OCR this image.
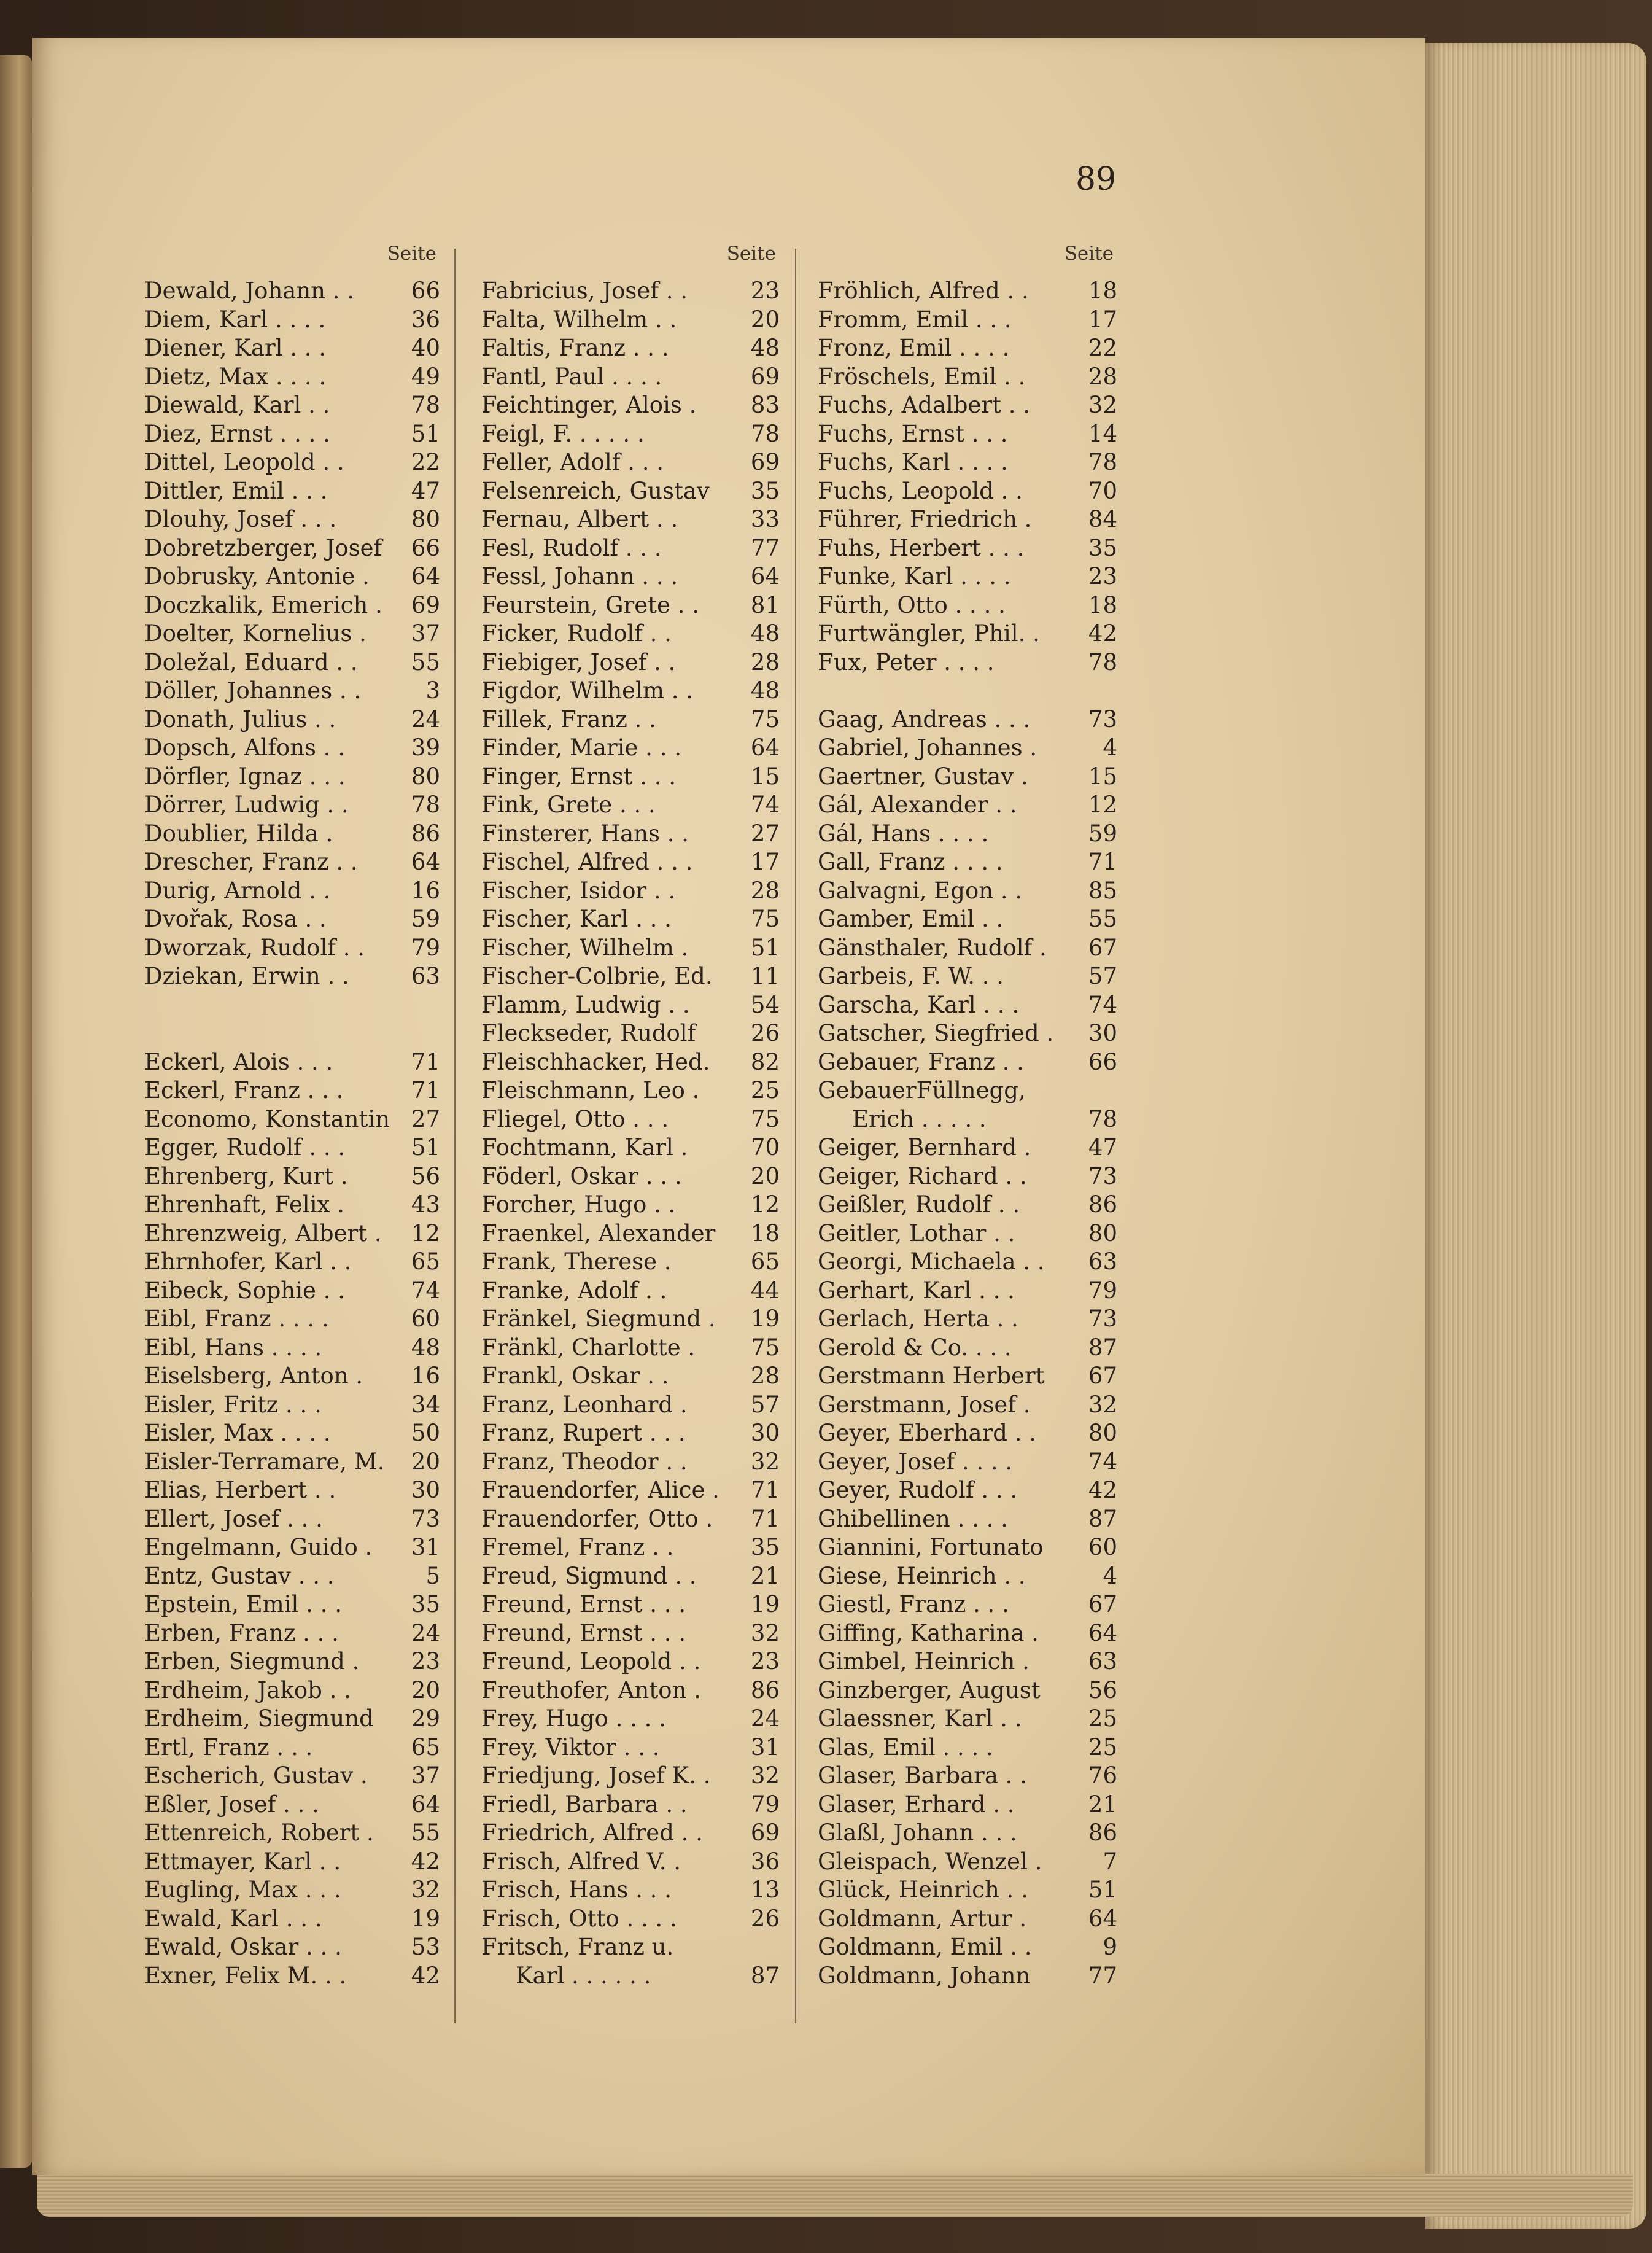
89
Seite
Dewald, Johann . .	66
Diem, Karl . . . .	36
Diener, Karl . . .	40
Dietz, Max . . . .	49
Diewald, Karl . .	78
Diez, Ernst . . . .	51
Dittel, Leopold . .	22
Dittler, Emil . . .	47
Dlouhy, Josef . . .	80
Dobretzberger, Josef	66
Dobrusky, Antonie .	64
Doczkalik, Emerich .	69
Doelter, Kornelius .	37
Doležal, Eduard . .	55
Döller, Johannes . .	3
Donath, Julius . .	24
Dopsch, Alfons . .	39
Dörfler, Ignaz . . .	80
Dörrer, Ludwig . .	78
Doublier, Hilda .	86
Drescher, Franz . .	64
Durig, Arnold . .	16
Dvořak, Rosa . .	59
Dworzak, Rudolf . .	79
Dziekan, Erwin . .	63
Eckerl, Alois . . .	71
Eckerl, Franz . . .	71
Economo, Konstantin 27
Egger, Rudolf . . .	51
Ehrenberg, Kurt .	56
Ehrenhaft, Felix .	43
Ehrenzweig, Albert .	12
Ehrnhofer, Karl . .	65
Eibeck, Sophie . .	74
Eibl, Franz . . . .	60
Eibl, Hans . . . .	48
Eiselsberg, Anton .	16
Eisler, Fritz . . .	34
Eisler, Max . . . .	50
Eisler-Terramare, M.	20
Elias, Herbert . .	30
Ellert, Josef . . .	73
Engelmann, Guido .	31
Entz, Gustav . . .	5
Epstein, Emil . . .	35
Erben, Franz . . .	24
Erben, Siegmund .	23
Erdheim, Jakob . .	20
Erdheim, Siegmund	29
Ertl, Franz . . .	65
Escherich, Gustav .	37
Eßler, Josef . . .	64
Ettenreich, Robert .	55
Ettmayer, Karl . .	42
Eugling, Max . . .	32
Ewald, Karl . . .	19
Ewald, Oskar . . .	53
Exner, Felix M. . .	42
Seite
Fabricius, Josef . .	23
Falta, Wilhelm . .	20
Faltis, Franz . . .	48
Fantl, Paul . . . .	69
Feichtinger, Alois .	83
Feigl, F. . . . . .	78
Feller, Adolf . . .	69
Felsenreich, Gustav	35
Fernau, Albert . .	33
Fesl, Rudolf . . .	77
Fessl, Johann . . .	64
Feurstein, Grete . .	81
Ficker, Rudolf . .	48
Fiebiger, Josef . .	28
Figdor, Wilhelm . .	48
Fillek, Franz . .	75
Finder, Marie . . .	64
Finger, Ernst . . .	15
Fink, Grete . . .	74
Finsterer, Hans . .	27
Fischel, Alfred . . .	17
Fischer, Isidor . .	28
Fischer, Karl . . .	75
Fischer, Wilhelm .	51
Fischer-Colbrie, Ed.	11
Flamm, Ludwig . .	54
Fleckseder, Rudolf	26
Fleischhacker, Hed.	82
Fleischmann, Leo .	25
Fliegel, Otto . . .	75
Fochtmann, Karl .	70
Föderl, Oskar . . .	20
Forcher, Hugo . .	12
Fraenkel, Alexander	18
Frank, Therese .	65
Franke, Adolf . .	44
Fränkel, Siegmund .	19
Fränkl, Charlotte .	75
Frankl, Oskar . .	28
Franz, Leonhard .	57
Franz, Rupert . . .	30
Franz, Theodor . .	32
Frauendorfer, Alice .	71
Frauendorfer, Otto .	71
Fremel, Franz . .	35
Freud, Sigmund . .	21
Freund, Ernst . . .	19
Freund, Ernst . . .	32
Freund, Leopold . .	23
Freuthofer, Anton .	86
Frey, Hugo . . . .	24
Frey, Viktor . . .	31
Friedjung, Josef K. .	32
Friedl, Barbara . .	79
Friedrich, Alfred . .	69
Frisch, Alfred V. .	36
Frisch, Hans . . .	13
Frisch, Otto . . . .	26
Fritsch, Franz u.
Karl . . . . . .	87
Seite
Fröhlich, Alfred . .	18
Fromm, Emil . . .	17
Fronz, Emil . . . .	22
Fröschels, Emil . .	28
Fuchs, Adalbert . .	32
Fuchs, Ernst . . .	14
Fuchs, Karl . . . .	78
Fuchs, Leopold . .	70
Führer, Friedrich .	84
Fuhs, Herbert . . .	35
Funke, Karl . . . .	23
Fürth, Otto . . . .	18
Furtwängler, Phil. .	42
Fux, Peter . . . .	78
Gaag, Andreas . . .	73
Gabriel, Johannes .	4
Gaertner, Gustav .	15
Gál, Alexander . .	12
Gál, Hans . . . .	59
Gall, Franz . . . .	71
Galvagni, Egon . .	85
Gamber, Emil . .	55
Gänsthaler, Rudolf .	67
Garbeis, F. W. . .	57
Garscha, Karl . . .	74
Gatscher, Siegfried .	30
Gebauer, Franz . .	66
GebauerFüllnegg,
Erich . . . . .	78
Geiger, Bernhard .	47
Geiger, Richard . .	73
Geißler, Rudolf . .	86
Geitler, Lothar . .	80
Georgi, Michaela . .	63
Gerhart, Karl . . .	79
Gerlach, Herta . .	73
Gerold & Co. . . .	87
Gerstmann Herbert	67
Gerstmann, Josef .	32
Geyer, Eberhard . .	80
Geyer, Josef . . . .	74
Geyer, Rudolf . . .	42
Ghibellinen . . . .	87
Giannini, Fortunato	60
Giese, Heinrich . .	4
Giestl, Franz . . .	67
Giffing, Katharina .	64
Gimbel, Heinrich .	63
Ginzberger, August	56
Glaessner, Karl . .	25
Glas, Emil . . . .	25
Glaser, Barbara . .	76
Glaser, Erhard . .	21
Glaßl, Johann . . .	86
Gleispach, Wenzel .	7
Glück, Heinrich . .	51
Goldmann, Artur .	64
Goldmann, Emil . .	9
Goldmann, Johann	77
